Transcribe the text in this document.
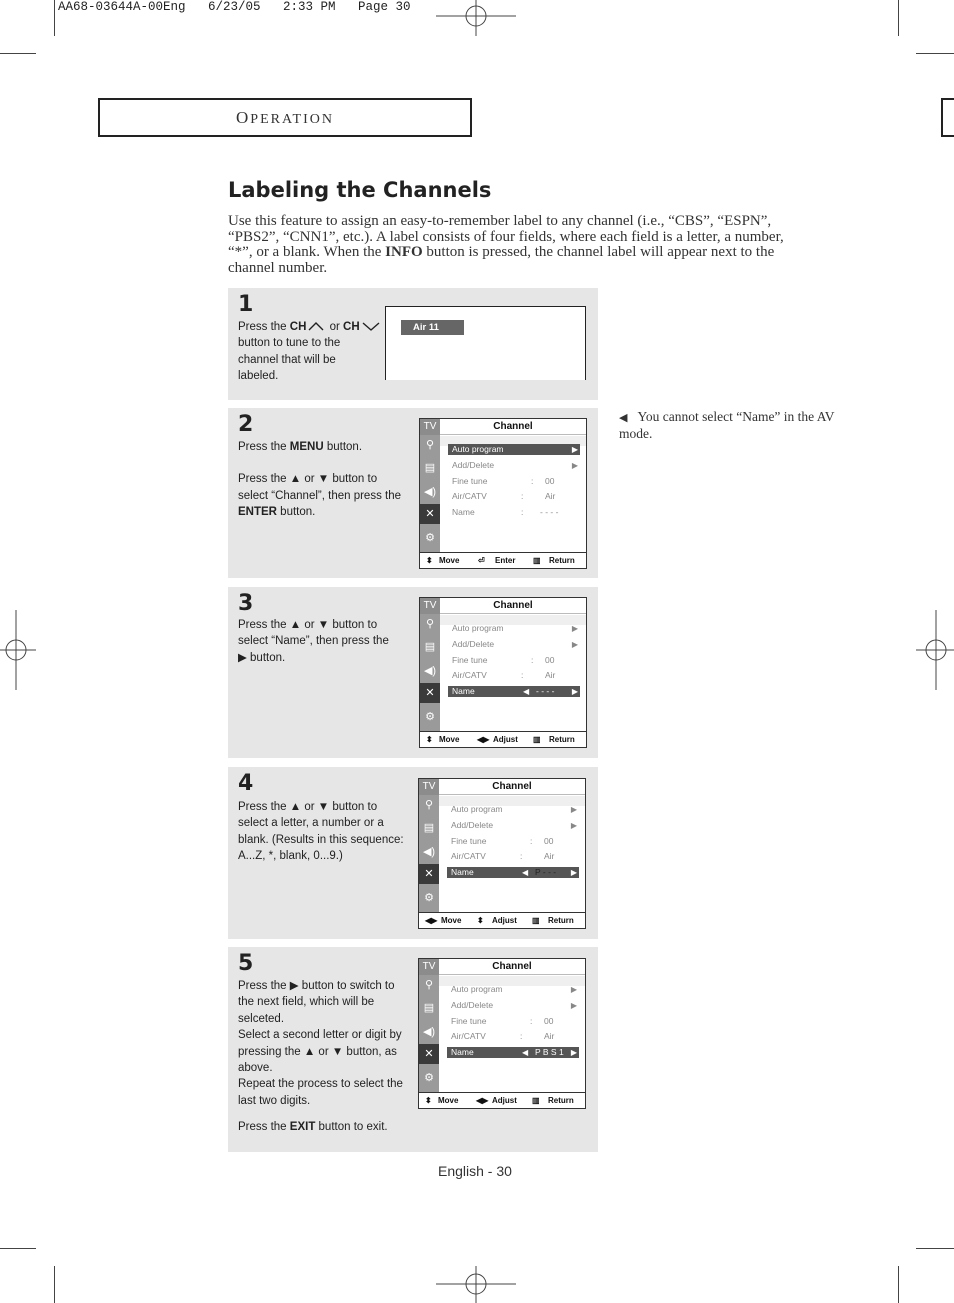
AA68-03644A-00Eng   6/23/05   2:33 PM   Page 30
OPERATION
Labeling the Channels
Use this feature to assign an easy-to-remember label to any channel (i.e., “CBS”, “ESPN”, “PBS2”, “CNN1”, etc.). A label consists of four fields, where each field is a letter, a number, “*”, or a blank. When the INFO button is pressed, the channel label will appear next to the channel number.
1
Press the CH or CH
button to tune to the
channel that will be
labeled.
Air 11
2
Press the MENU button.
Press the ▲ or ▼ button to
select “Channel”, then press the
ENTER button.
3
Press the ▲ or ▼ button to
select “Name”, then press the
▶ button.
4
Press the ▲ or ▼ button to
select a letter, a number or a
blank. (Results in this sequence:
A...Z, *, blank, 0...9.)
5
Press the ▶ button to switch to
the next field, which will be
selceted.
Select a second letter or digit by
pressing the ▲ or ▼ button, as
above.
Repeat the process to select the
last two digits.
Press the EXIT button to exit.
TV
⚲
▤
◀)
✕
⚙
Channel
Auto program	▶
Add/Delete	▶
Fine tune	: 00
Air/CATV	:	Air
Name	: - - - -
⬍ Move ⏎ Enter ▥ Return
TV
⚲
▤
◀)
✕
⚙
Channel
Auto program	▶
Add/Delete	▶
Fine tune	: 00
Air/CATV	:	Air
Name	◀ - - - - ▶
⬍ Move ◀▶ Adjust ▥ Return
TV
⚲
▤
◀)
✕
⚙
Channel
Auto program	▶
Add/Delete	▶
Fine tune	: 00
Air/CATV	:	Air
Name	◀ P - - - ▶
◀▶ Move ⬍ Adjust ▥ Return
TV
⚲
▤
◀)
✕
⚙
Channel
Auto program	▶
Add/Delete	▶
Fine tune	: 00
Air/CATV	:	Air
Name	◀ P B S 1 ▶
⬍ Move ◀▶ Adjust ▥ Return
◀ You cannot select “Name” in the AV mode.
English - 30
